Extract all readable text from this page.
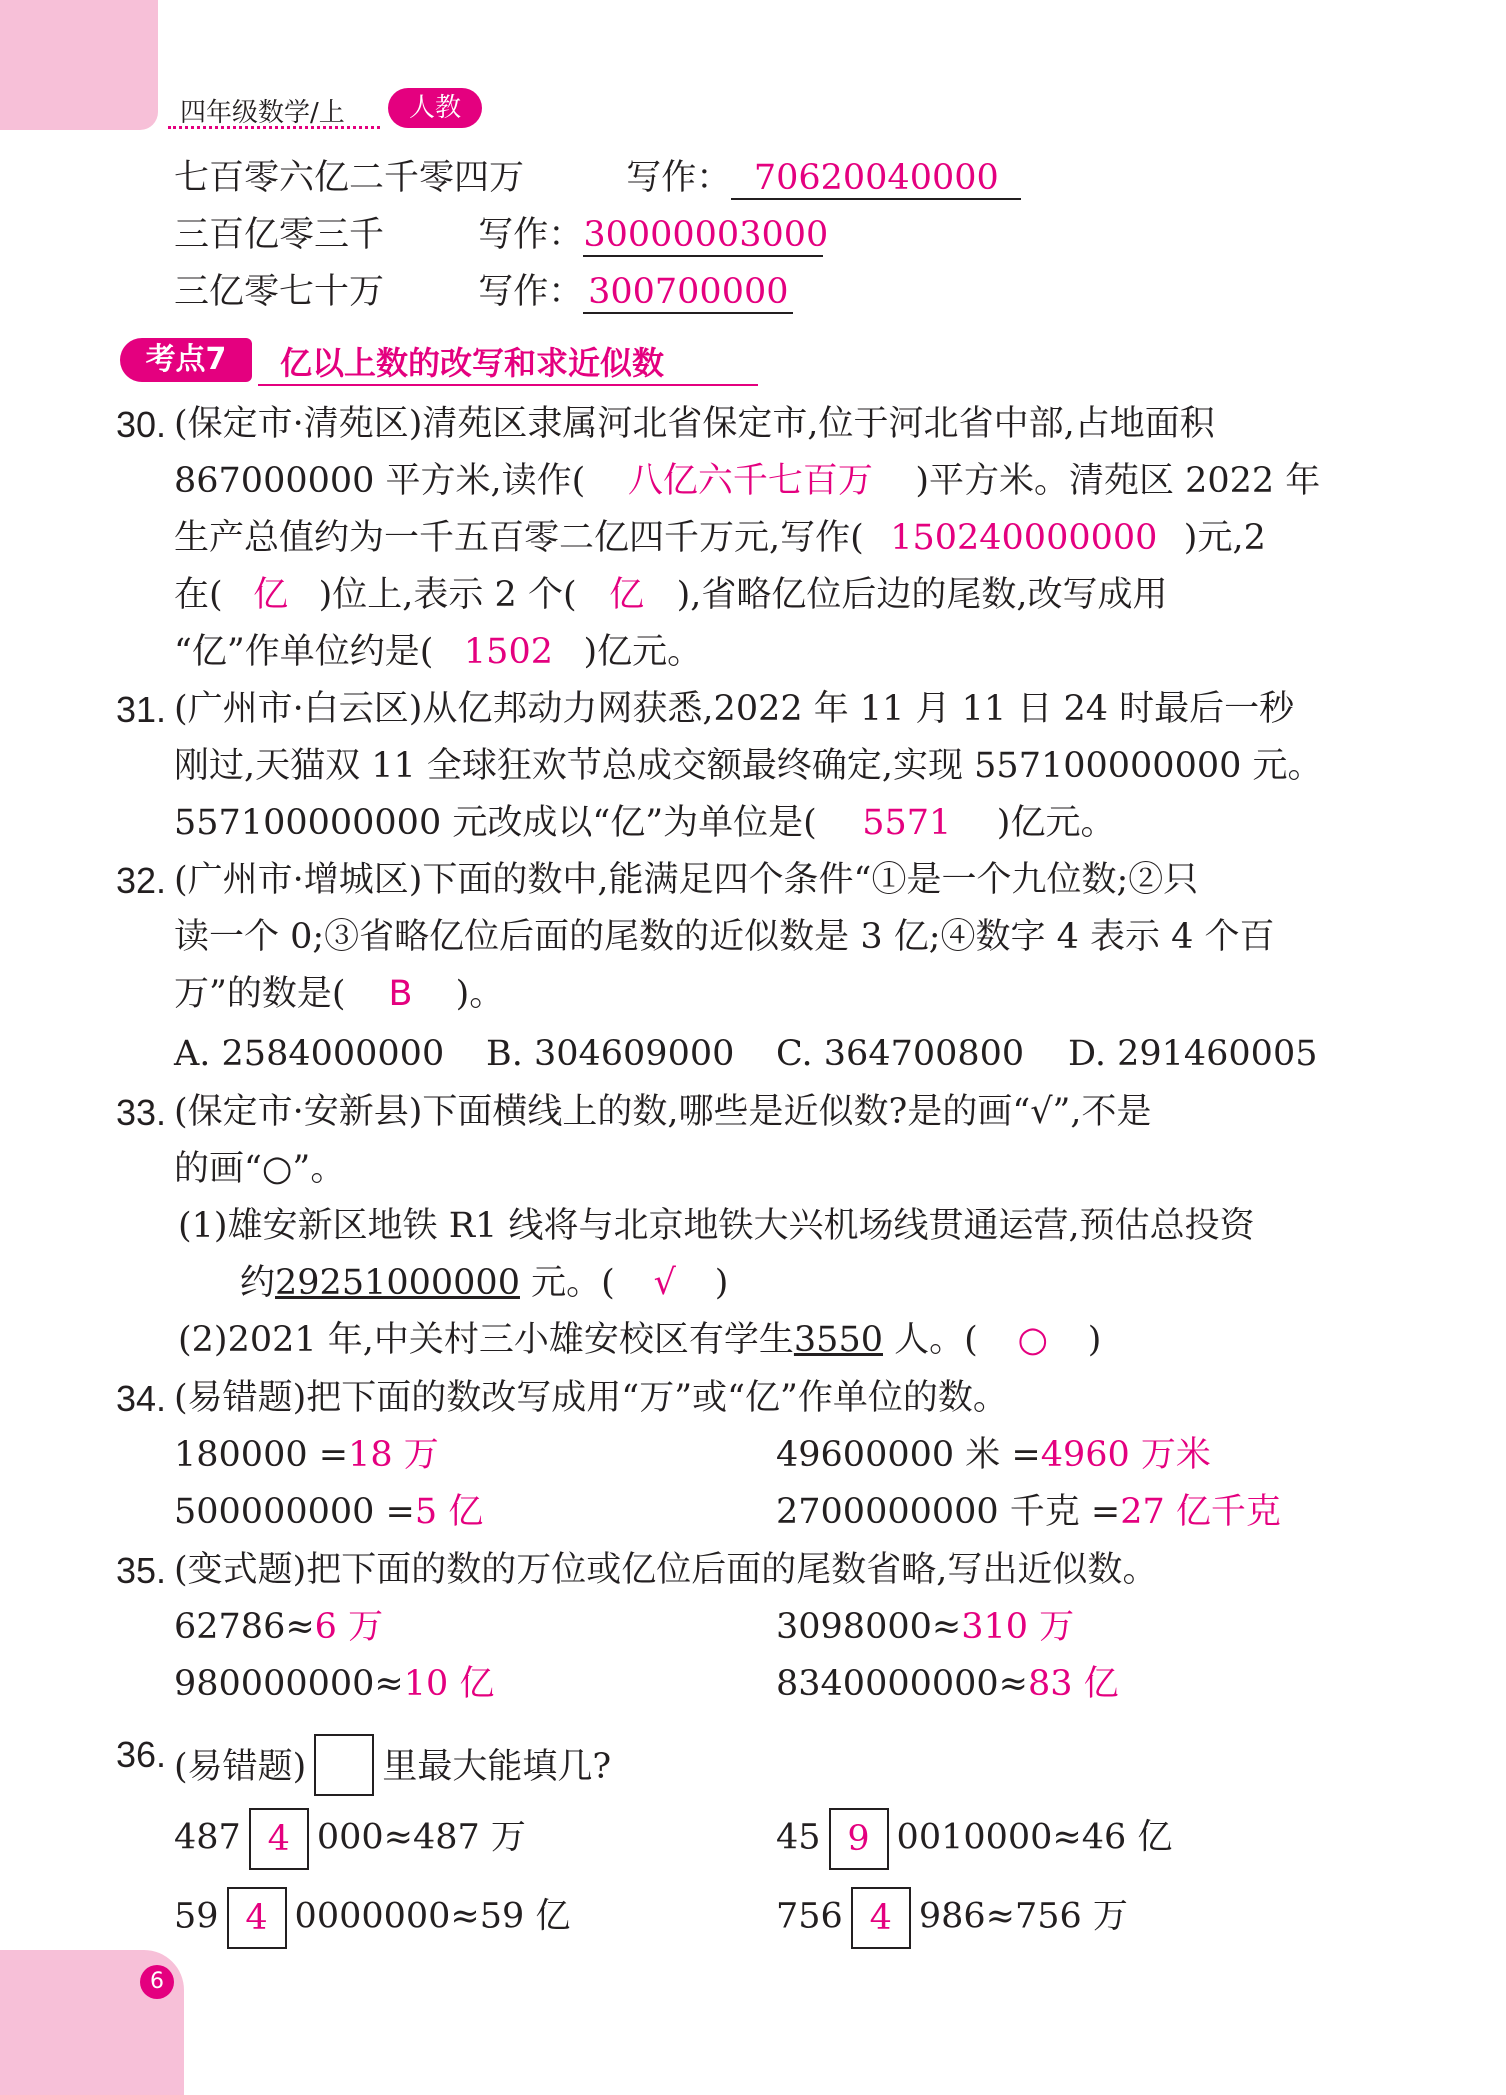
四年级数学/上	人教
七百零六亿二千零四万	写作： 70620040000
三百亿零三千	写作：30000003000
三亿零七十万	写作： 300700000
考点7	亿以上数的改写和求近似数
30. (保定市·清苑区)清苑区隶属河北省保定市,位于河北省中部,占地面积
867000000 平方米,读作( 八亿六千七百万 )平方米。清苑区 2022 年
生产总值约为一千五百零二亿四千万元,写作( 150240000000 )元,2
在( 亿 )位上,表示 2 个( 亿 ),省略亿位后边的尾数,改写成用
“亿”作单位约是( 1502 )亿元。
31. (广州市·白云区)从亿邦动力网获悉,2022 年 11 月 11 日 24 时最后一秒
刚过,天猫双 11 全球狂欢节总成交额最终确定,实现 557100000000 元。
557100000000 元改成以“亿”为单位是( 5571 )亿元。
32. (广州市·增城区)下面的数中,能满足四个条件“①是一个九位数;②只
读一个 0;③省略亿位后面的尾数的近似数是 3 亿;④数字 4 表示 4 个百
万”的数是( B )。
A. 2584000000 B. 304609000 C. 364700800 D. 291460005
33. (保定市·安新县)下面横线上的数,哪些是近似数?是的画“√”,不是
的画“○”。
(1)雄安新区地铁 R1 线将与北京地铁大兴机场线贯通运营,预估总投资
约29251000000 元。( √ )
(2)2021 年,中关村三小雄安校区有学生3550 人。( ○ )
34. (易错题)把下面的数改写成用“万”或“亿”作单位的数。
180000 =18 万	49600000 米 =4960 万米
500000000 =5 亿	2700000000 千克 =27 亿千克
35. (变式题)把下面的数的万位或亿位后面的尾数省略,写出近似数。
62786≈6 万	3098000≈310 万
980000000≈10 亿	8340000000≈83 亿
36. (易错题) 里最大能填几?
487 4 000≈487 万	45 9 0010000≈46 亿
59 4 0000000≈59 亿	756 4 986≈756 万
6
